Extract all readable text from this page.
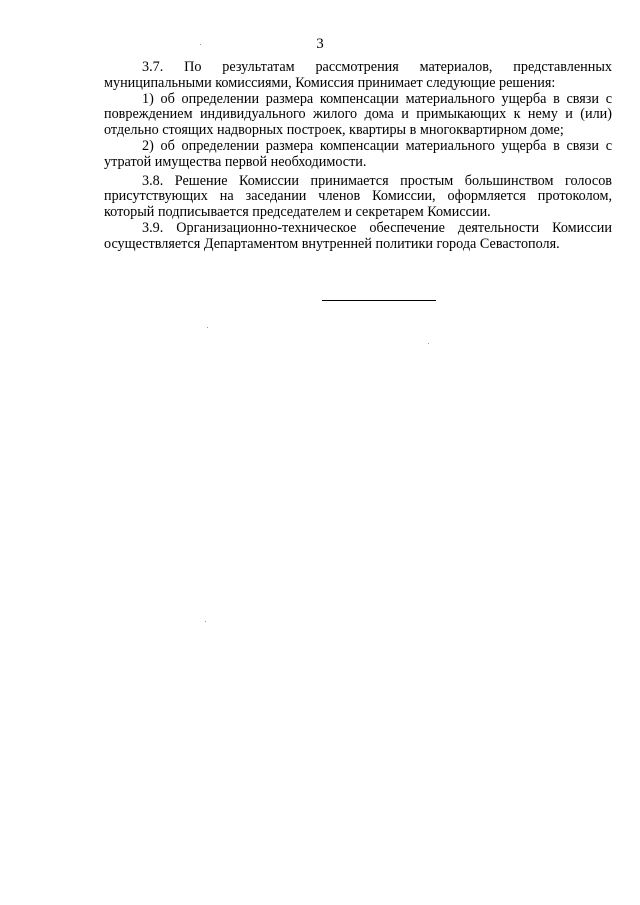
3

3.7. По результатам рассмотрения материалов, представленных муниципальными комиссиями, Комиссия принимает следующие решения:

1) об определении размера компенсации материального ущерба в связи с повреждением индивидуального жилого дома и примыкающих к нему и (или) отдельно стоящих надворных построек, квартиры в многоквартирном доме;

2) об определении размера компенсации материального ущерба в связи с утратой имущества первой необходимости.

3.8. Решение Комиссии принимается простым большинством голосов присутствующих на заседании членов Комиссии, оформляется протоколом, который подписывается председателем и секретарем Комиссии.

3.9. Организационно-техническое обеспечение деятельности Комиссии осуществляется Департаментом внутренней политики города Севастополя.
